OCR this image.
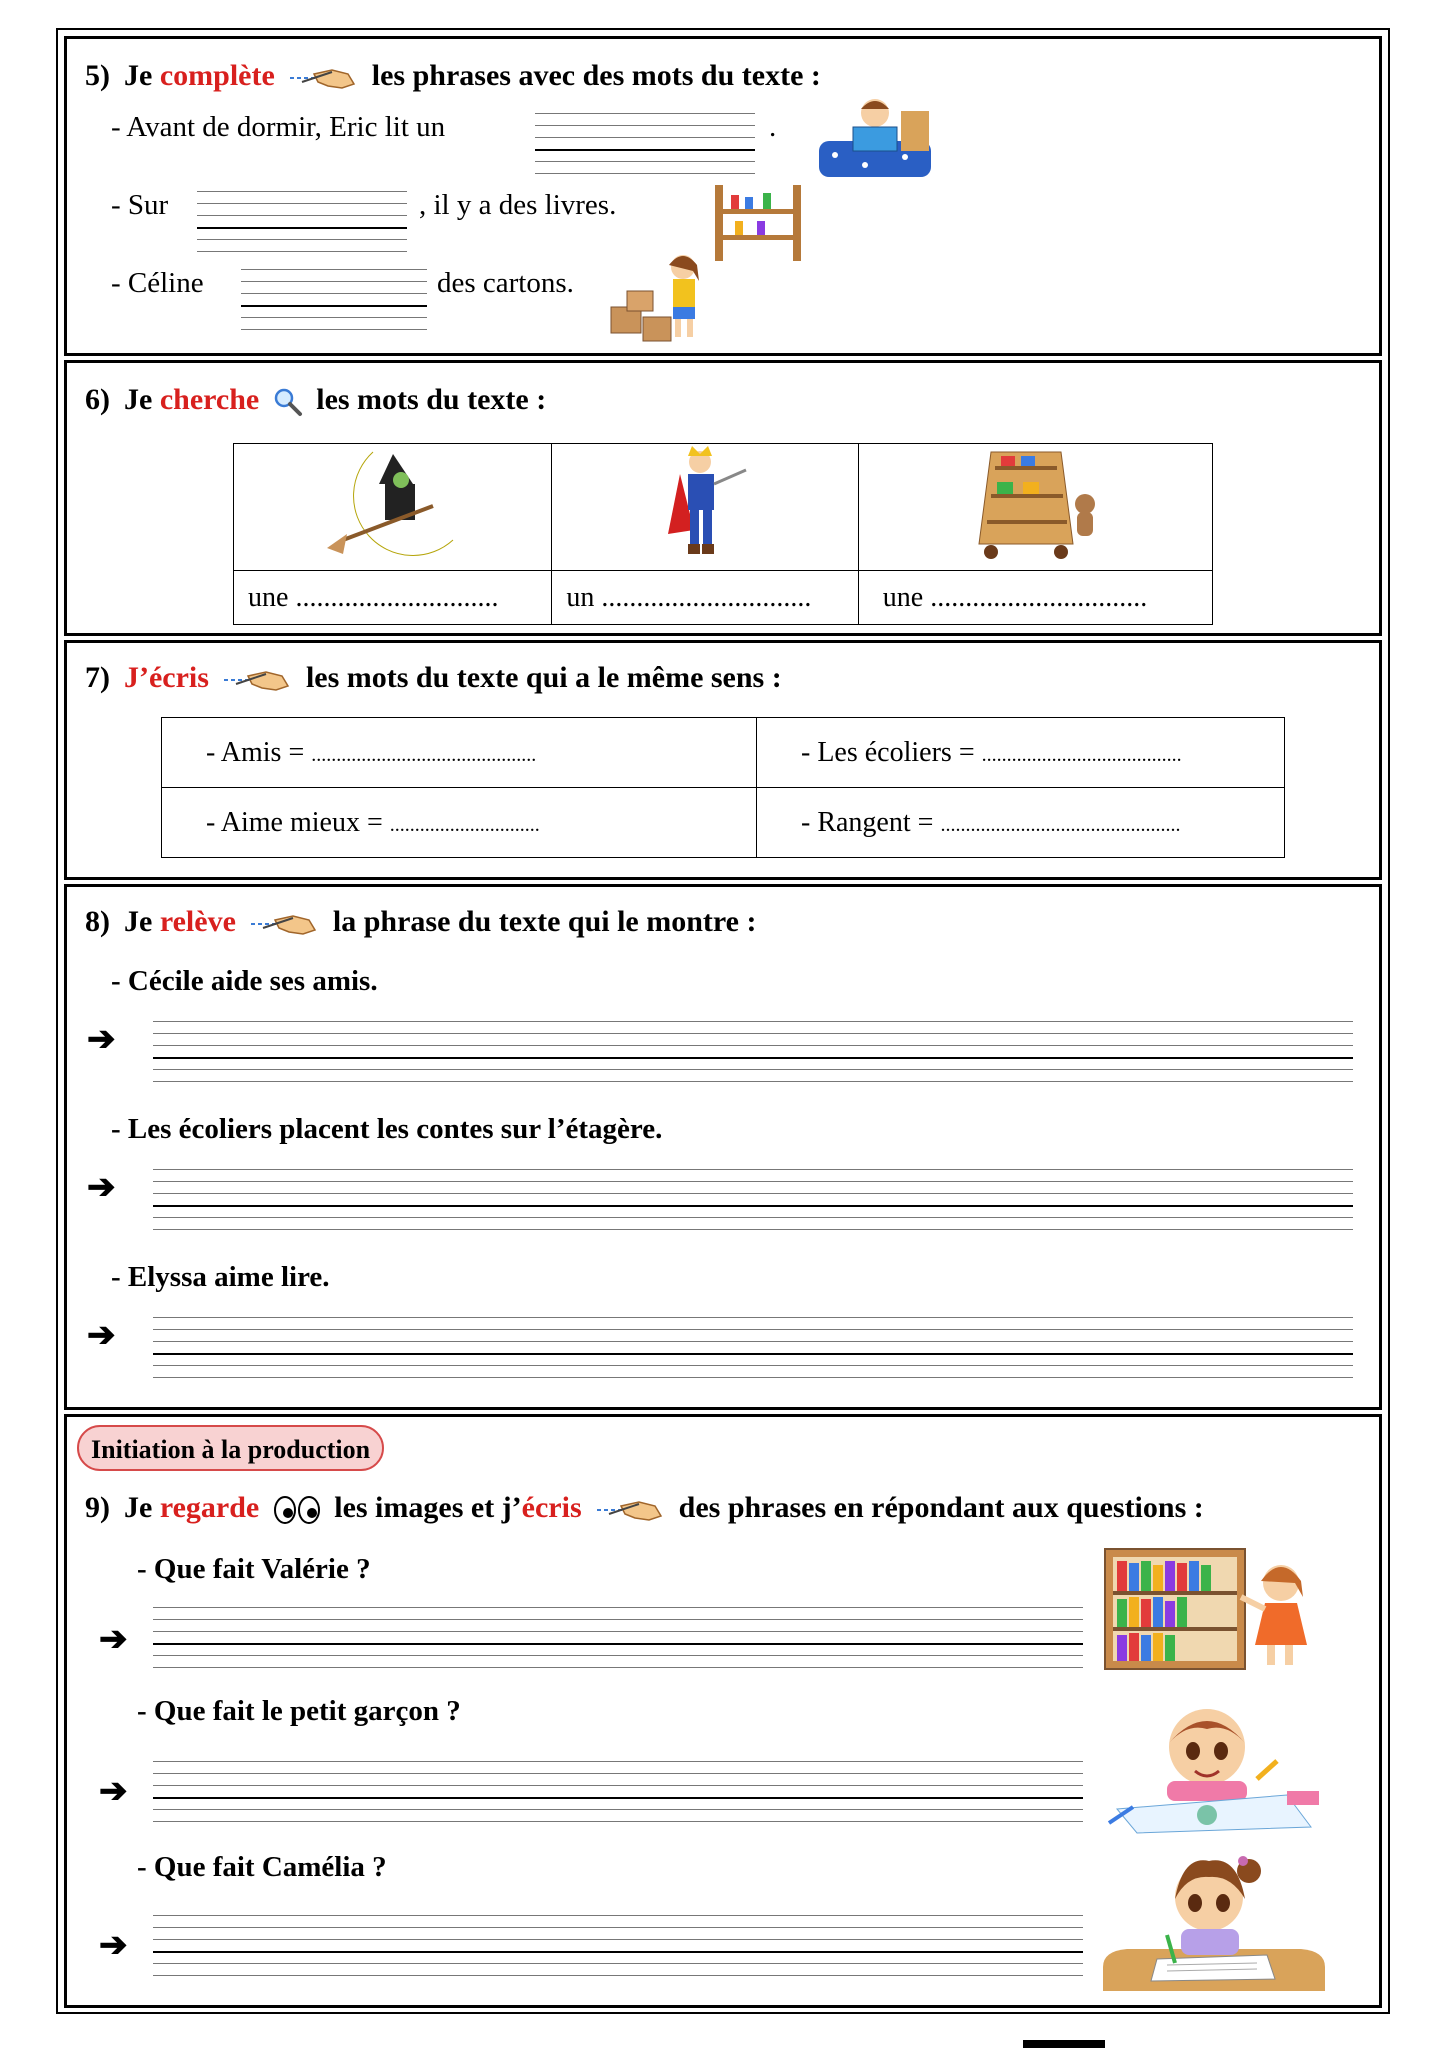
5) Je complète	les phrases avec des mots du texte :
- Avant de dormir, Eric lit un	.
- Sur	, il y a des livres.
- Céline	des cartons.
6) Je cherche les mots du texte :

une .............................	un ..............................	une ...............................
7) J’écris	les mots du texte qui a le même sens :
- Amis = .............................................	- Les écoliers = ........................................
- Aime mieux = ..............................	- Rangent = ................................................
8) Je relève	la phrase du texte qui le montre :
- Cécile aide ses amis.
➔
- Les écoliers placent les contes sur l’étagère.
➔
- Elyssa aime lire.
➔
Initiation à la production
9) Je regarde	les images et j’écris	des phrases en répondant aux questions :
- Que fait Valérie ?
➔
- Que fait le petit garçon ?
➔
- Que fait Camélia ?
➔
